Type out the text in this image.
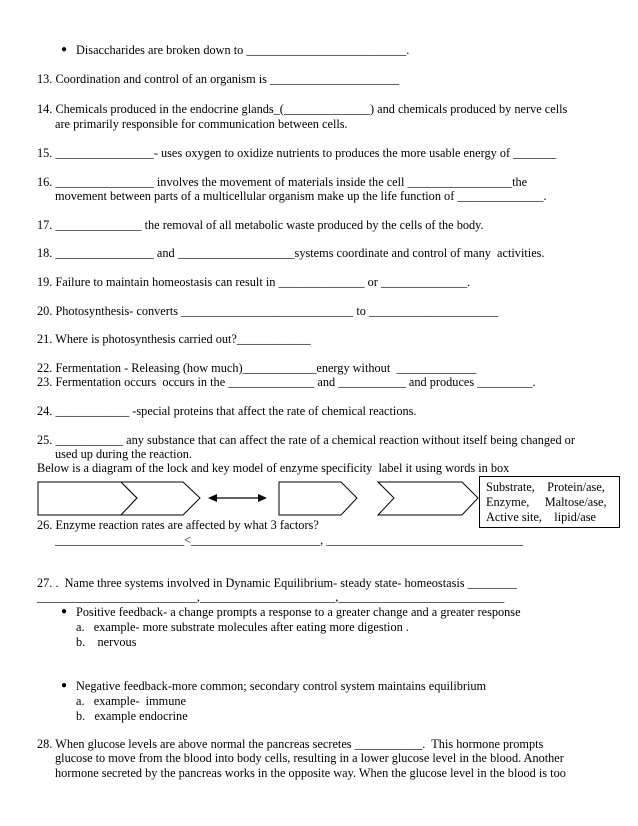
● Disaccharides are broken down to __________________________.
13. Coordination and control of an organism is _____________________
14. Chemicals produced in the endocrine glands_(______________) and chemicals produced by nerve cells
are primarily responsible for communication between cells.
15. ________________- uses oxygen to oxidize nutrients to produces the more usable energy of _______
16. ________________ involves the movement of materials inside the cell _________________the
movement between parts of a multicellular organism make up the life function of ______________.
17. ______________ the removal of all metabolic waste produced by the cells of the body.
18. ________________ and ___________________systems coordinate and control of many  activities.
19. Failure to maintain homeostasis can result in ______________ or ______________.
20. Photosynthesis- converts ____________________________ to _____________________
21. Where is photosynthesis carried out?____________
22. Fermentation - Releasing (how much)____________energy without  _____________
23. Fermentation occurs  occurs in the ______________ and ___________ and produces _________.
24. ____________ -special proteins that affect the rate of chemical reactions.
25. ___________ any substance that can affect the rate of a chemical reaction without itself being changed or
used up during the reaction.
Below is a diagram of the lock and key model of enzyme specificity  label it using words in box
Substrate,    Protein/ase,
Enzyme,     Maltose/ase,
Active site,    lipid/ase
26. Enzyme reaction rates are affected by what 3 factors?
_____________________<_____________________, ________________________________
27. .  Name three systems involved in Dynamic Equilibrium- steady state- homeostasis ________
__________________________,______________________,___________________________
● Positive feedback- a change prompts a response to a greater change and a greater response
a.   example- more substrate molecules after eating more digestion .
b.    nervous
● Negative feedback-more common; secondary control system maintains equilibrium
a.   example-  immune
b.   example endocrine
28. When glucose levels are above normal the pancreas secretes ___________.  This hormone prompts
glucose to move from the blood into body cells, resulting in a lower glucose level in the blood. Another
hormone secreted by the pancreas works in the opposite way. When the glucose level in the blood is too
